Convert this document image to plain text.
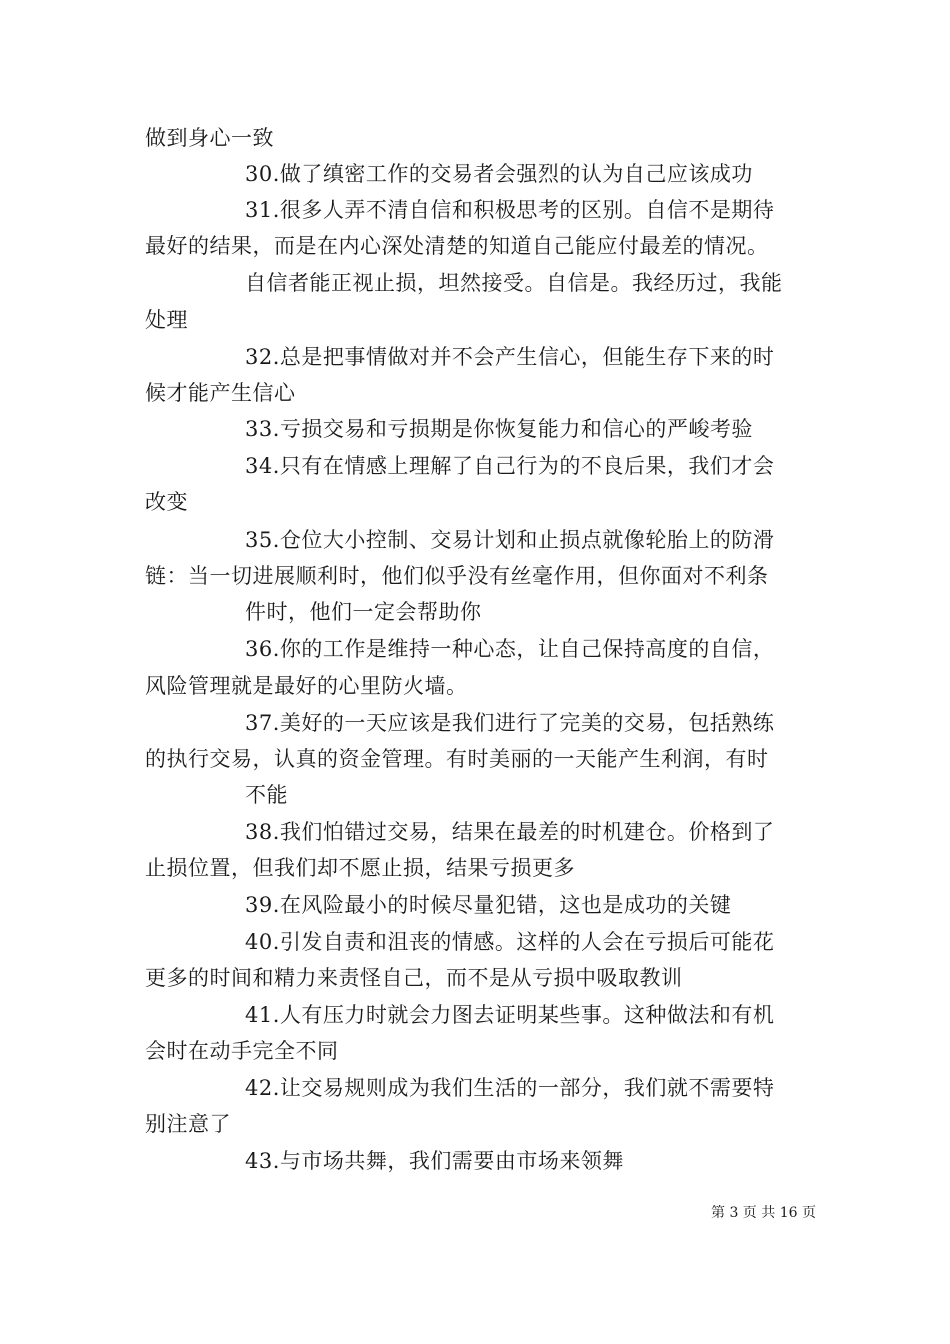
做到身心一致
30.做了缜密工作的交易者会强烈的认为自己应该成功
31.很多人弄不清自信和积极思考的区别。自信不是期待
最好的结果，而是在内心深处清楚的知道自己能应付最差的情况。
自信者能正视止损，坦然接受。自信是。我经历过，我能
处理
32.总是把事情做对并不会产生信心，但能生存下来的时
候才能产生信心
33.亏损交易和亏损期是你恢复能力和信心的严峻考验
34.只有在情感上理解了自己行为的不良后果，我们才会
改变
35.仓位大小控制、交易计划和止损点就像轮胎上的防滑
链：当一切进展顺利时，他们似乎没有丝毫作用，但你面对不利条
件时，他们一定会帮助你
36.你的工作是维持一种心态，让自己保持高度的自信，
风险管理就是最好的心里防火墙。
37.美好的一天应该是我们进行了完美的交易，包括熟练
的执行交易，认真的资金管理。有时美丽的一天能产生利润，有时
不能
38.我们怕错过交易，结果在最差的时机建仓。价格到了
止损位置，但我们却不愿止损，结果亏损更多
39.在风险最小的时候尽量犯错，这也是成功的关键
40.引发自责和沮丧的情感。这样的人会在亏损后可能花
更多的时间和精力来责怪自己，而不是从亏损中吸取教训
41.人有压力时就会力图去证明某些事。这种做法和有机
会时在动手完全不同
42.让交易规则成为我们生活的一部分，我们就不需要特
别注意了
43.与市场共舞，我们需要由市场来领舞
第 3 页 共 16 页
